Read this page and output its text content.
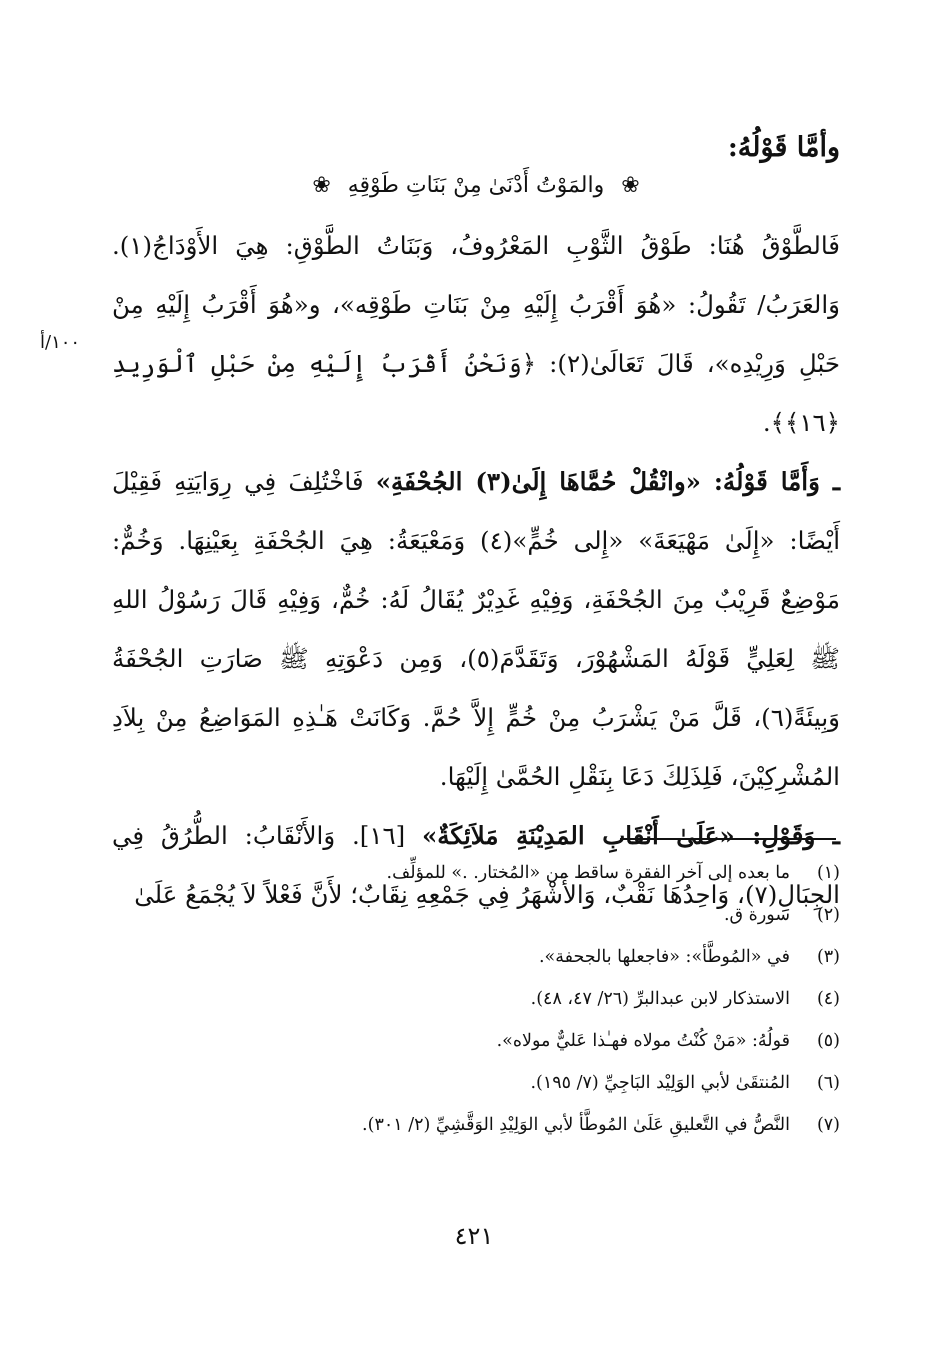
وأمَّا قَوْلُهُ:
❀ والمَوْتُ أَدْنَىٰ مِنْ بَنَاتِ طَوْقِهِ ❀

فَالطَّوْقُ هُنَا: طَوْقُ الثَّوْبِ المَعْرُوفُ، وَبَنَاتُ الطَّوْقِ: هِيَ الأَوْدَاجُ(١). وَالعَرَبُ/ تَقُولُ: «هُوَ أَقْرَبُ إِلَيْهِ مِنْ بَنَاتِ طَوْقِه»، و«هُوَ أَقْرَبُ إِلَيْهِ مِنْ حَبْلِ وَرِيْدِه»، قَالَ تَعَالَىٰ(٢): ﴿وَنَحْنُ أَقْرَبُ إِلَيْهِ مِنْ حَبْلِ ٱلْوَرِيدِ ﴿١٦﴾﴾.

ـ وَأَمَّا قَوْلُهُ: «وانْقُلْ حُمَّاهَا إِلَىٰ(٣) الجُحْفَةِ» فَاخْتُلِفَ فِي رِوَايَتِهِ فَقِيْلَ أَيْضًا: «إِلَىٰ مَهْيَعَةَ» «إِلى خُمٍّ»(٤) وَمَعْيَعَةُ: هِيَ الجُحْفَةِ بِعَيْنِهَا. وَخُمٌّ: مَوْضِعٌ قَرِيْبٌ مِنَ الجُحْفَةِ، وَفِيْهِ غَدِيْرٌ يُقَالُ لَهُ: خُمٌّ، وَفِيْهِ قَالَ رَسُوْلُ اللهِ ﷺ لِعَلِيٍّ قَوْلَهُ المَشْهُوْرَ، وَتَقَدَّمَ(٥)، وَمِن دَعْوَتِهِ ﷺ صَارَتِ الجُحْفَةُ وَبِيئَةً(٦)، قَلَّ مَنْ يَشْرَبُ مِنْ خُمٍّ إِلاَّ حُمَّ. وَكَانَتْ هَـٰذِهِ المَوَاضِعُ مِنْ بِلاَدِ المُشْرِكِيْنَ، فَلِذَلِكَ دَعَا بِنَقْلِ الحُمَّىٰ إِلَيْهَا.

ـ وَقَوْلِ: «عَلَىٰ أَنْقَابِ المَدِيْنَةِ مَلاَئِكَةٌ» [١٦]. وَالأَنْقَابُ: الطُّرُقُ فِي الجِبَالِ(٧)، وَاحِدُهَا نَقْبٌ، وَالأَشْهَرُ فِي جَمْعِهِ نِقَابٌ؛ لأَنَّ فَعْلاً لاَ يُجْمَعُ عَلَىٰ

١٠٠/أ
(١)
ما بعده إلى آخر الفقرة ساقط من «المُختار. .» للمؤلِّف.
(٢)
سورة ق.
(٣)
في «المُوطَّأ»: «فاجعلها بالجحفة».
(٤)
الاستذكار لابن عبدالبرِّ (٢٦/ ٤٧، ٤٨).
(٥)
قولُهُ: «مَنْ كُنْتُ مولاه فهـٰذا عَليٌّ مولاه».
(٦)
المُنتقَىٰ لأبي الوَلِيْد البَاجِيِّ (٧/ ١٩٥).
(٧)
النَّصُّ في التَّعليقِ عَلَىٰ المُوطَّأ لأبي الوَلِيْدِ الوَقَّشِيِّ (٢/ ٣٠١).
٤٢١
